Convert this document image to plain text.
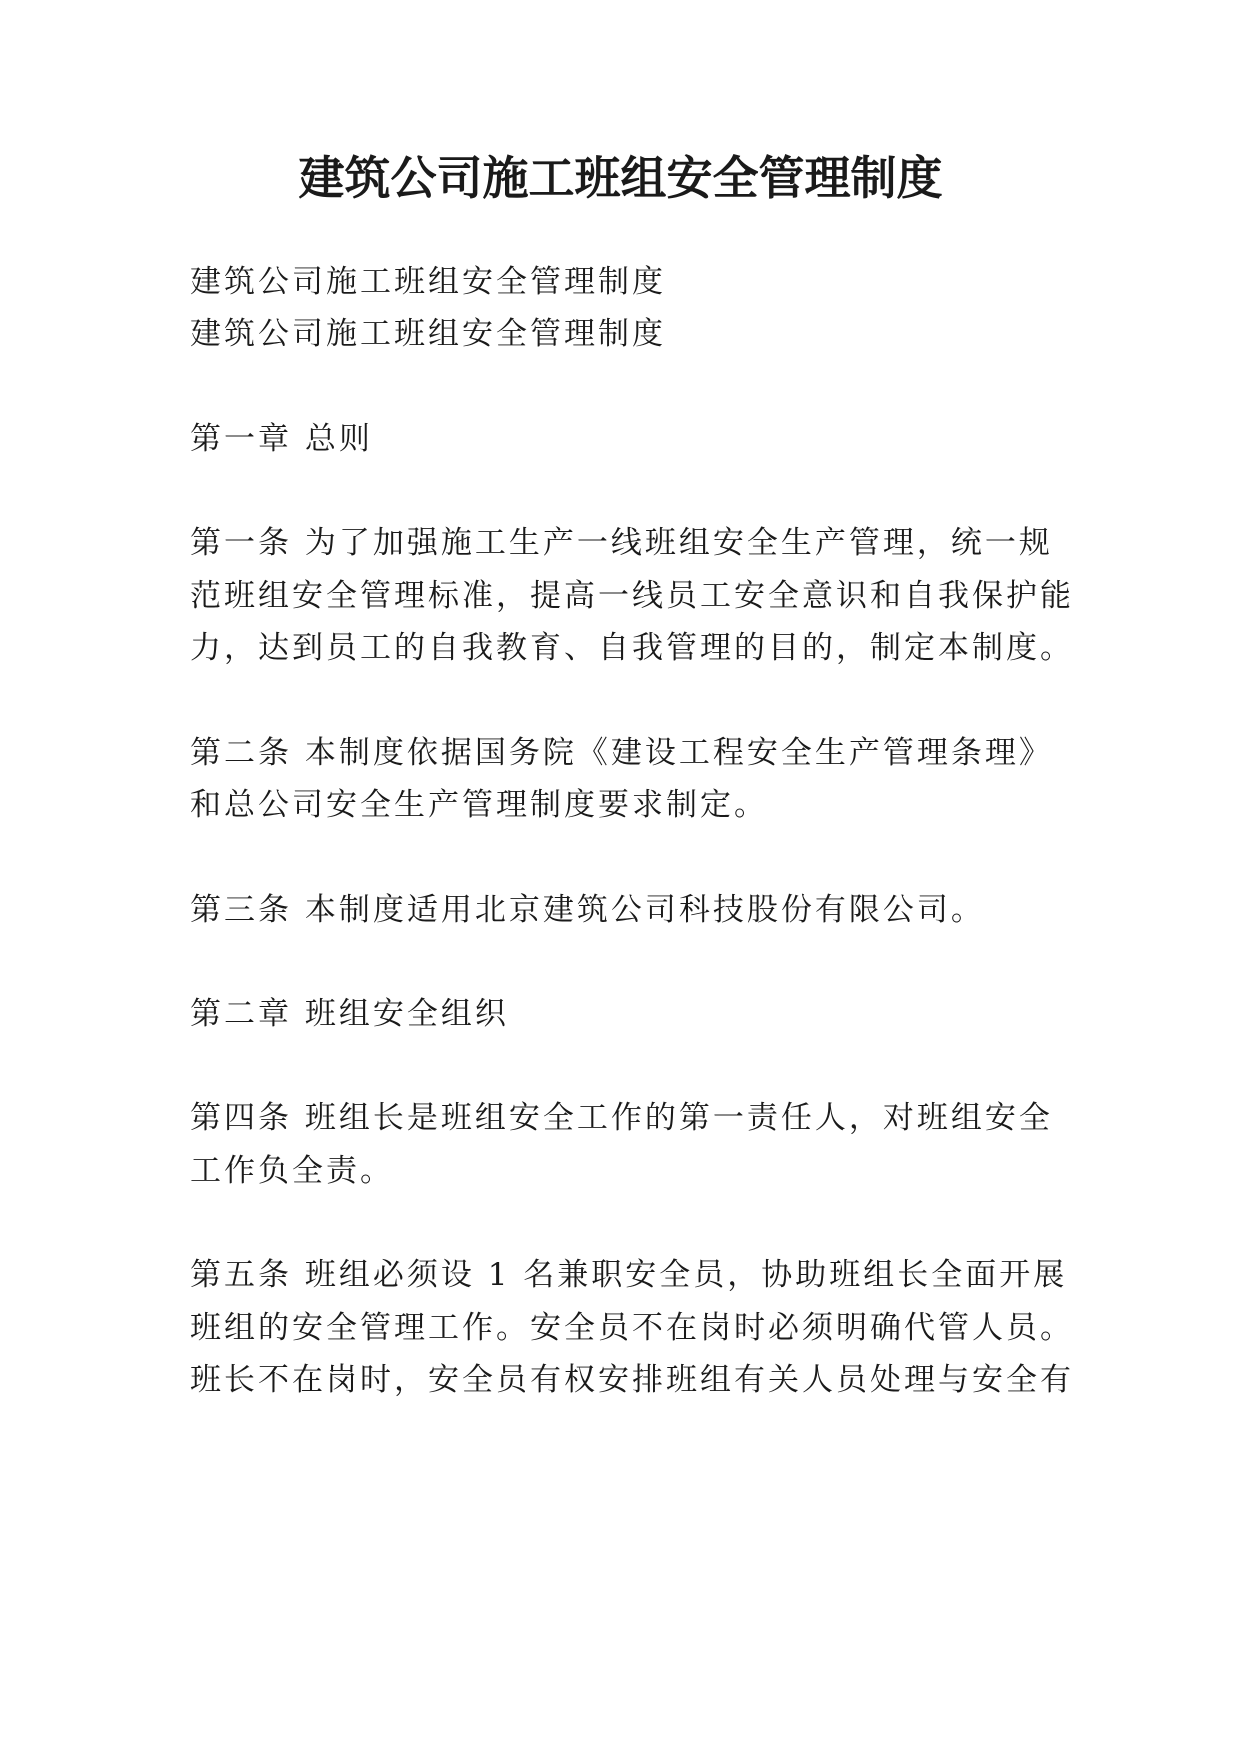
建筑公司施工班组安全管理制度
建筑公司施工班组安全管理制度
建筑公司施工班组安全管理制度
第一章 总则
第一条 为了加强施工生产一线班组安全生产管理，统一规
范班组安全管理标准，提高一线员工安全意识和自我保护能
力，达到员工的自我教育、自我管理的目的，制定本制度。
第二条 本制度依据国务院《建设工程安全生产管理条理》
和总公司安全生产管理制度要求制定。
第三条 本制度适用北京建筑公司科技股份有限公司。
第二章 班组安全组织
第四条 班组长是班组安全工作的第一责任人，对班组安全
工作负全责。
第五条 班组必须设 1 名兼职安全员，协助班组长全面开展
班组的安全管理工作。安全员不在岗时必须明确代管人员。
班长不在岗时，安全员有权安排班组有关人员处理与安全有
